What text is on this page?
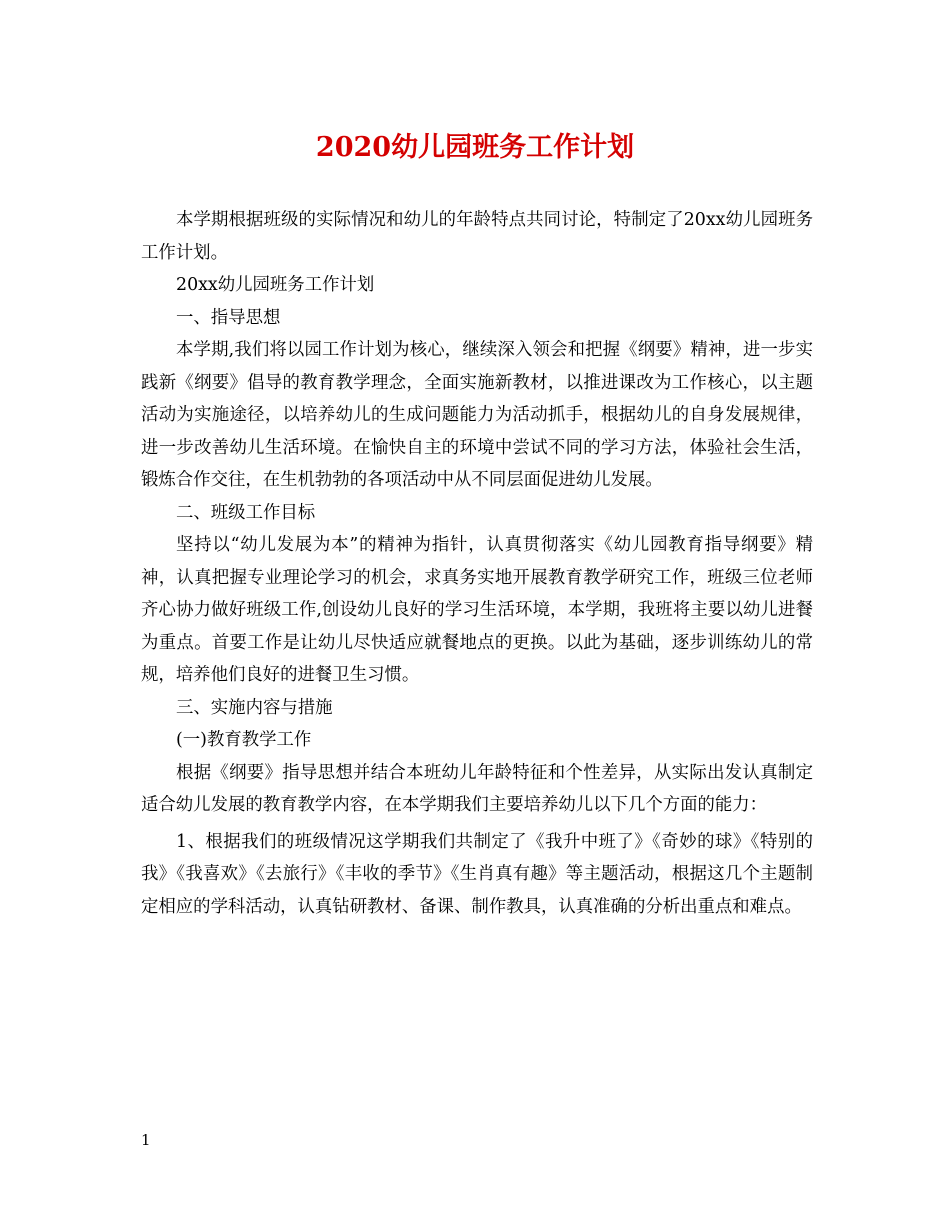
2020幼儿园班务工作计划

本学期根据班级的实际情况和幼儿的年龄特点共同讨论，特制定了20xx幼儿园班务工作计划。

20xx幼儿园班务工作计划

一、指导思想

本学期,我们将以园工作计划为核心，继续深入领会和把握《纲要》精神，进一步实践新《纲要》倡导的教育教学理念，全面实施新教材，以推进课改为工作核心，以主题活动为实施途径，以培养幼儿的生成问题能力为活动抓手，根据幼儿的自身发展规律，进一步改善幼儿生活环境。在愉快自主的环境中尝试不同的学习方法，体验社会生活，锻炼合作交往，在生机勃勃的各项活动中从不同层面促进幼儿发展。

二、班级工作目标

坚持以“幼儿发展为本”的精神为指针，认真贯彻落实《幼儿园教育指导纲要》精神，认真把握专业理论学习的机会，求真务实地开展教育教学研究工作，班级三位老师齐心协力做好班级工作,创设幼儿良好的学习生活环境，本学期，我班将主要以幼儿进餐为重点。首要工作是让幼儿尽快适应就餐地点的更换。以此为基础，逐步训练幼儿的常规，培养他们良好的进餐卫生习惯。

三、实施内容与措施

(一)教育教学工作

根据《纲要》指导思想并结合本班幼儿年龄特征和个性差异，从实际出发认真制定适合幼儿发展的教育教学内容，在本学期我们主要培养幼儿以下几个方面的能力：

1、根据我们的班级情况这学期我们共制定了《我升中班了》《奇妙的球》《特别的我》《我喜欢》《去旅行》《丰收的季节》《生肖真有趣》等主题活动，根据这几个主题制定相应的学科活动，认真钻研教材、备课、制作教具，认真准确的分析出重点和难点。

1
